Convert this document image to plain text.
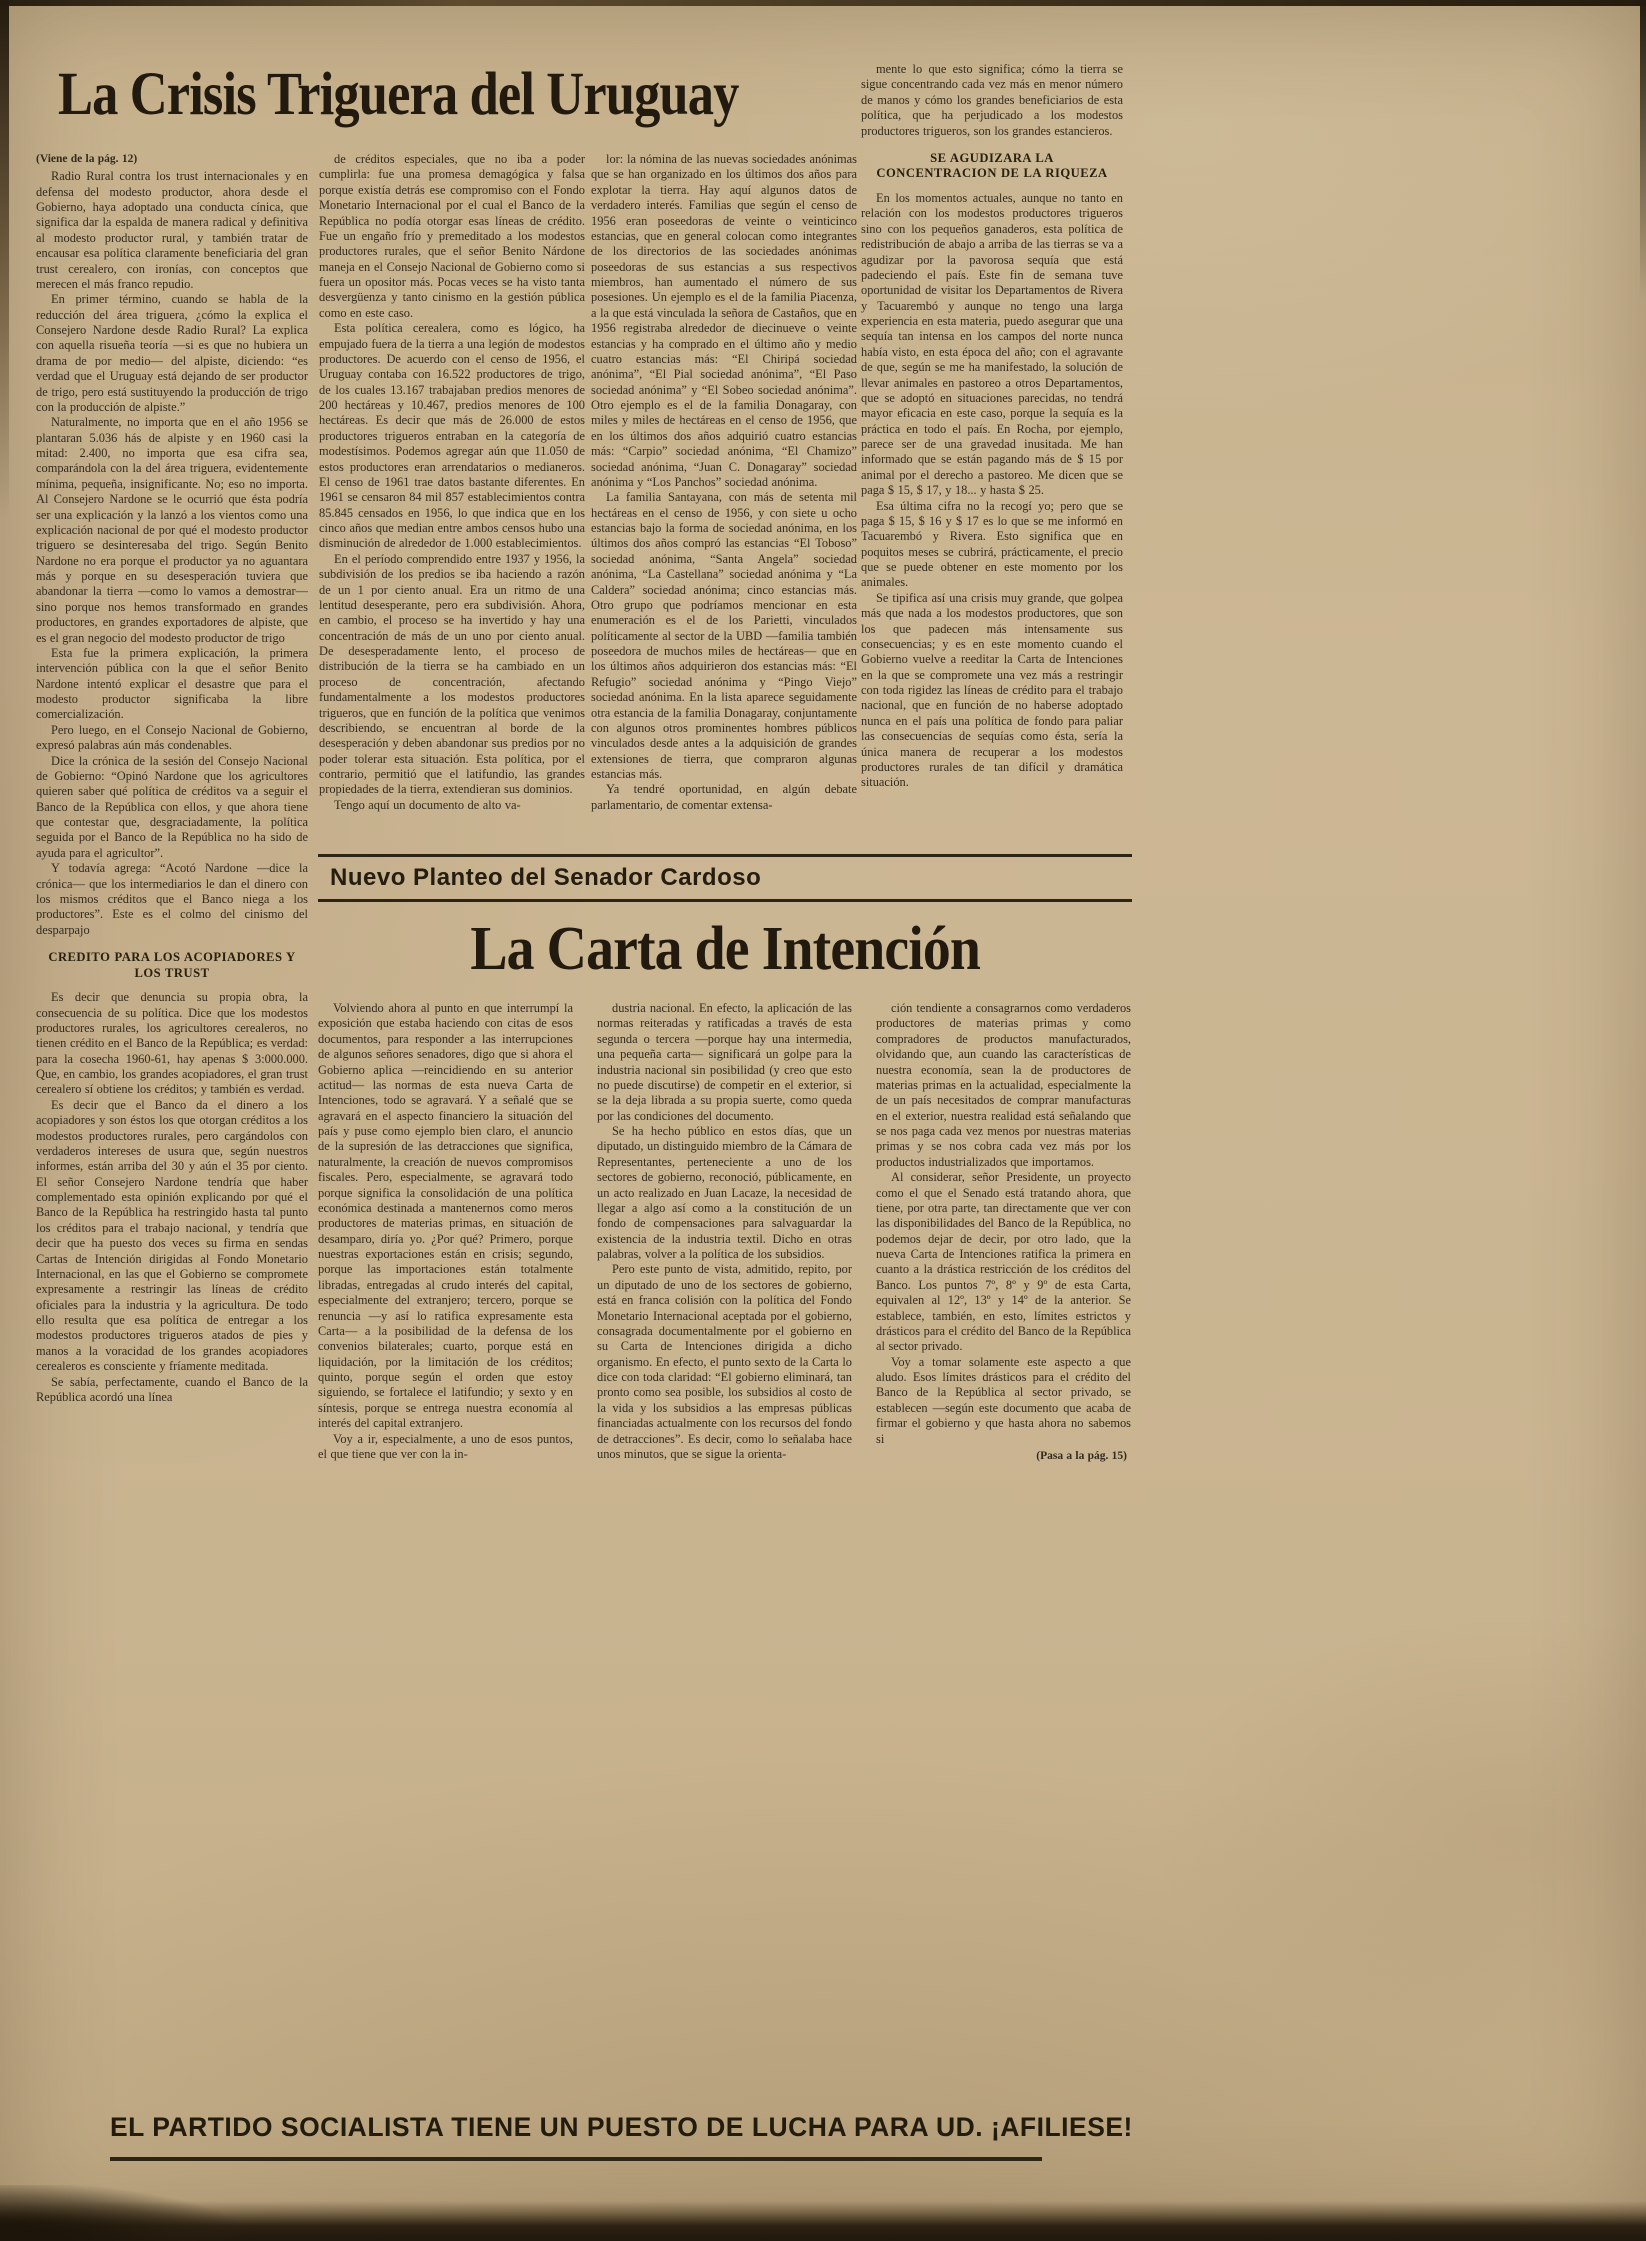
La Crisis Triguera del Uruguay
(Viene de la pág. 12)

Radio Rural contra los trust internacionales y en defensa del modesto productor, ahora desde el Gobierno, haya adoptado una conducta cínica, que significa dar la espalda de manera radical y definitiva al modesto productor rural, y también tratar de encausar esa política claramente beneficiaria del gran trust cerealero, con ironías, con conceptos que merecen el más franco repudio.

En primer término, cuando se habla de la reducción del área triguera, ¿cómo la explica el Consejero Nardone desde Radio Rural? La explica con aquella risueña teoría —si es que no hubiera un drama de por medio— del alpiste, diciendo: “es verdad que el Uruguay está dejando de ser productor de trigo, pero está sustituyendo la producción de trigo con la producción de alpiste.”

Naturalmente, no importa que en el año 1956 se plantaran 5.036 hás de alpiste y en 1960 casi la mitad: 2.400, no importa que esa cifra sea, comparándola con la del área triguera, evidentemente mínima, pequeña, insignificante. No; eso no importa. Al Consejero Nardone se le ocurrió que ésta podría ser una explicación y la lanzó a los vientos como una explicación nacional de por qué el modesto productor triguero se desinteresaba del trigo. Según Benito Nardone no era porque el productor ya no aguantara más y porque en su desesperación tuviera que abandonar la tierra —como lo vamos a demostrar— sino porque nos hemos transformado en grandes productores, en grandes exportadores de alpiste, que es el gran negocio del modesto productor de trigo

Esta fue la primera explicación, la primera intervención pública con la que el señor Benito Nardone intentó explicar el desastre que para el modesto productor significaba la libre comercialización.

Pero luego, en el Consejo Nacional de Gobierno, expresó palabras aún más condenables.

Dice la crónica de la sesión del Consejo Nacional de Gobierno: “Opinó Nardone que los agricultores quieren saber qué política de créditos va a seguir el Banco de la República con ellos, y que ahora tiene que contestar que, desgraciadamente, la política seguida por el Banco de la República no ha sido de ayuda para el agricultor”.

Y todavía agrega: “Acotó Nardone —dice la crónica— que los intermediarios le dan el dinero con los mismos créditos que el Banco niega a los productores”. Este es el colmo del cinismo del desparpajo

CREDITO PARA LOS ACOPIADORES Y LOS TRUST

Es decir que denuncia su propia obra, la consecuencia de su política. Dice que los modestos productores rurales, los agricultores cerealeros, no tienen crédito en el Banco de la República; es verdad: para la cosecha 1960-61, hay apenas $ 3:000.000. Que, en cambio, los grandes acopiadores, el gran trust cerealero sí obtiene los créditos; y también es verdad.

Es decir que el Banco da el dinero a los acopiadores y son éstos los que otorgan créditos a los modestos productores rurales, pero cargándolos con verdaderos intereses de usura que, según nuestros informes, están arriba del 30 y aún el 35 por ciento. El señor Consejero Nardone tendría que haber complementado esta opinión explicando por qué el Banco de la República ha restringido hasta tal punto los créditos para el trabajo nacional, y tendría que decir que ha puesto dos veces su firma en sendas Cartas de Intención dirigidas al Fondo Monetario Internacional, en las que el Gobierno se compromete expresamente a restringir las líneas de crédito oficiales para la industria y la agricultura. De todo ello resulta que esa política de entregar a los modestos productores trigueros atados de pies y manos a la voracidad de los grandes acopiadores cerealeros es consciente y fríamente meditada.

Se sabía, perfectamente, cuando el Banco de la República acordó una línea

de créditos especiales, que no iba a poder cumplirla: fue una promesa demagógica y falsa porque existía detrás ese compromiso con el Fondo Monetario Internacional por el cual el Banco de la República no podía otorgar esas líneas de crédito. Fue un engaño frío y premeditado a los modestos productores rurales, que el señor Benito Nárdone maneja en el Consejo Nacional de Gobierno como si fuera un opositor más. Pocas veces se ha visto tanta desvergüenza y tanto cinismo en la gestión pública como en este caso.

Esta política cerealera, como es lógico, ha empujado fuera de la tierra a una legión de modestos productores. De acuerdo con el censo de 1956, el Uruguay contaba con 16.522 productores de trigo, de los cuales 13.167 trabajaban predios menores de 200 hectáreas y 10.467, predios menores de 100 hectáreas. Es decir que más de 26.000 de estos productores trigueros entraban en la categoría de modestísimos. Podemos agregar aún que 11.050 de estos productores eran arrendatarios o medianeros. El censo de 1961 trae datos bastante diferentes. En 1961 se censaron 84 mil 857 establecimientos contra 85.845 censados en 1956, lo que indica que en los cinco años que median entre ambos censos hubo una disminución de alrededor de 1.000 establecimientos.

En el período comprendido entre 1937 y 1956, la subdivisión de los predios se iba haciendo a razón de un 1 por ciento anual. Era un ritmo de una lentitud desesperante, pero era subdivisión. Ahora, en cambio, el proceso se ha invertido y hay una concentración de más de un uno por ciento anual. De desesperadamente lento, el proceso de distribución de la tierra se ha cambiado en un proceso de concentración, afectando fundamentalmente a los modestos productores trigueros, que en función de la política que venimos describiendo, se encuentran al borde de la desesperación y deben abandonar sus predios por no poder tolerar esta situación. Esta política, por el contrario, permitió que el latifundio, las grandes propiedades de la tierra, extendieran sus dominios.

Tengo aquí un documento de alto va-

lor: la nómina de las nuevas sociedades anónimas que se han organizado en los últimos dos años para explotar la tierra. Hay aquí algunos datos de verdadero interés. Familias que según el censo de 1956 eran poseedoras de veinte o veinticinco estancias, que en general colocan como integrantes de los directorios de las sociedades anónimas poseedoras de sus estancias a sus respectivos miembros, han aumentado el número de sus posesiones. Un ejemplo es el de la familia Piacenza, a la que está vinculada la señora de Castaños, que en 1956 registraba alrededor de diecinueve o veinte estancias y ha comprado en el último año y medio cuatro estancias más: “El Chiripá sociedad anónima”, “El Pial sociedad anónima”, “El Paso sociedad anónima” y “El Sobeo sociedad anónima”. Otro ejemplo es el de la familia Donagaray, con miles y miles de hectáreas en el censo de 1956, que en los últimos dos años adquirió cuatro estancias más: “Carpio” sociedad anónima, “El Chamizo” sociedad anónima, “Juan C. Donagaray” sociedad anónima y “Los Panchos” sociedad anónima.

La familia Santayana, con más de setenta mil hectáreas en el censo de 1956, y con siete u ocho estancias bajo la forma de sociedad anónima, en los últimos dos años compró las estancias “El Toboso” sociedad anónima, “Santa Angela” sociedad anónima, “La Castellana” sociedad anónima y “La Caldera” sociedad anónima; cinco estancias más. Otro grupo que podríamos mencionar en esta enumeración es el de los Parietti, vinculados políticamente al sector de la UBD —familia también poseedora de muchos miles de hectáreas— que en los últimos años adquirieron dos estancias más: “El Refugio” sociedad anónima y “Pingo Viejo” sociedad anónima. En la lista aparece seguidamente otra estancia de la familia Donagaray, conjuntamente con algunos otros prominentes hombres públicos vinculados desde antes a la adquisición de grandes extensiones de tierra, que compraron algunas estancias más.

Ya tendré oportunidad, en algún debate parlamentario, de comentar extensa-

mente lo que esto significa; cómo la tierra se sigue concentrando cada vez más en menor número de manos y cómo los grandes beneficiarios de esta política, que ha perjudicado a los modestos productores trigueros, son los grandes estancieros.

SE AGUDIZARA LA CONCENTRACION DE LA RIQUEZA

En los momentos actuales, aunque no tanto en relación con los modestos productores trigueros sino con los pequeños ganaderos, esta política de redistribución de abajo a arriba de las tierras se va a agudizar por la pavorosa sequía que está padeciendo el país. Este fin de semana tuve oportunidad de visitar los Departamentos de Rivera y Tacuarembó y aunque no tengo una larga experiencia en esta materia, puedo asegurar que una sequía tan intensa en los campos del norte nunca había visto, en esta época del año; con el agravante de que, según se me ha manifestado, la solución de llevar animales en pastoreo a otros Departamentos, que se adoptó en situaciones parecidas, no tendrá mayor eficacia en este caso, porque la sequía es la práctica en todo el país. En Rocha, por ejemplo, parece ser de una gravedad inusitada. Me han informado que se están pagando más de $ 15 por animal por el derecho a pastoreo. Me dicen que se paga $ 15, $ 17, y 18... y hasta $ 25.

Esa última cifra no la recogí yo; pero que se paga $ 15, $ 16 y $ 17 es lo que se me informó en Tacuarembó y Rivera. Esto significa que en poquitos meses se cubrirá, prácticamente, el precio que se puede obtener en este momento por los animales.

Se tipifica así una crisis muy grande, que golpea más que nada a los modestos productores, que son los que padecen más intensamente sus consecuencias; y es en este momento cuando el Gobierno vuelve a reeditar la Carta de Intenciones en la que se compromete una vez más a restringir con toda rigidez las líneas de crédito para el trabajo nacional, que en función de no haberse adoptado nunca en el país una política de fondo para paliar las consecuencias de sequías como ésta, sería la única manera de recuperar a los modestos productores rurales de tan difícil y dramática situación.

Nuevo Planteo del Senador Cardoso
La Carta de Intención

Volviendo ahora al punto en que interrumpí la exposición que estaba haciendo con citas de esos documentos, para responder a las interrupciones de algunos señores senadores, digo que si ahora el Gobierno aplica —reincidiendo en su anterior actitud— las normas de esta nueva Carta de Intenciones, todo se agravará. Y a señalé que se agravará en el aspecto financiero la situación del país y puse como ejemplo bien claro, el anuncio de la supresión de las detracciones que significa, naturalmente, la creación de nuevos compromisos fiscales. Pero, especialmente, se agravará todo porque significa la consolidación de una política económica destinada a mantenernos como meros productores de materias primas, en situación de desamparo, diría yo. ¿Por qué? Primero, porque nuestras exportaciones están en crisis; segundo, porque las importaciones están totalmente libradas, entregadas al crudo interés del capital, especialmente del extranjero; tercero, porque se renuncia —y así lo ratifica expresamente esta Carta— a la posibilidad de la defensa de los convenios bilaterales; cuarto, porque está en liquidación, por la limitación de los créditos; quinto, porque según el orden que estoy siguiendo, se fortalece el latifundio; y sexto y en síntesis, porque se entrega nuestra economía al interés del capital extranjero.

Voy a ir, especialmente, a uno de esos puntos, el que tiene que ver con la in-

dustria nacional. En efecto, la aplicación de las normas reiteradas y ratificadas a través de esta segunda o tercera —porque hay una intermedia, una pequeña carta— significará un golpe para la industria nacional sin posibilidad (y creo que esto no puede discutirse) de competir en el exterior, si se la deja librada a su propia suerte, como queda por las condiciones del documento.

Se ha hecho público en estos días, que un diputado, un distinguido miembro de la Cámara de Representantes, perteneciente a uno de los sectores de gobierno, reconoció, públicamente, en un acto realizado en Juan Lacaze, la necesidad de llegar a algo así como a la constitución de un fondo de compensaciones para salvaguardar la existencia de la industria textil. Dicho en otras palabras, volver a la política de los subsidios.

Pero este punto de vista, admitido, repito, por un diputado de uno de los sectores de gobierno, está en franca colisión con la política del Fondo Monetario Internacional aceptada por el gobierno, consagrada documentalmente por el gobierno en su Carta de Intenciones dirigida a dicho organismo. En efecto, el punto sexto de la Carta lo dice con toda claridad: “El gobierno eliminará, tan pronto como sea posible, los subsidios al costo de la vida y los subsidios a las empresas públicas financiadas actualmente con los recursos del fondo de detracciones”. Es decir, como lo señalaba hace unos minutos, que se sigue la orienta-

ción tendiente a consagrarnos como verdaderos productores de materias primas y como compradores de productos manufacturados, olvidando que, aun cuando las características de nuestra economía, sean la de productores de materias primas en la actualidad, especialmente la de un país necesitados de comprar manufacturas en el exterior, nuestra realidad está señalando que se nos paga cada vez menos por nuestras materias primas y se nos cobra cada vez más por los productos industrializados que importamos.

Al considerar, señor Presidente, un proyecto como el que el Senado está tratando ahora, que tiene, por otra parte, tan directamente que ver con las disponibilidades del Banco de la República, no podemos dejar de decir, por otro lado, que la nueva Carta de Intenciones ratifica la primera en cuanto a la drástica restricción de los créditos del Banco. Los puntos 7º, 8º y 9º de esta Carta, equivalen al 12º, 13º y 14º de la anterior. Se establece, también, en esto, límites estrictos y drásticos para el crédito del Banco de la República al sector privado.

Voy a tomar solamente este aspecto a que aludo. Esos límites drásticos para el crédito del Banco de la República al sector privado, se establecen —según este documento que acaba de firmar el gobierno y que hasta ahora no sabemos si

(Pasa a la pág. 15)
EL PARTIDO SOCIALISTA TIENE UN PUESTO DE LUCHA PARA UD. ¡AFILIESE!
